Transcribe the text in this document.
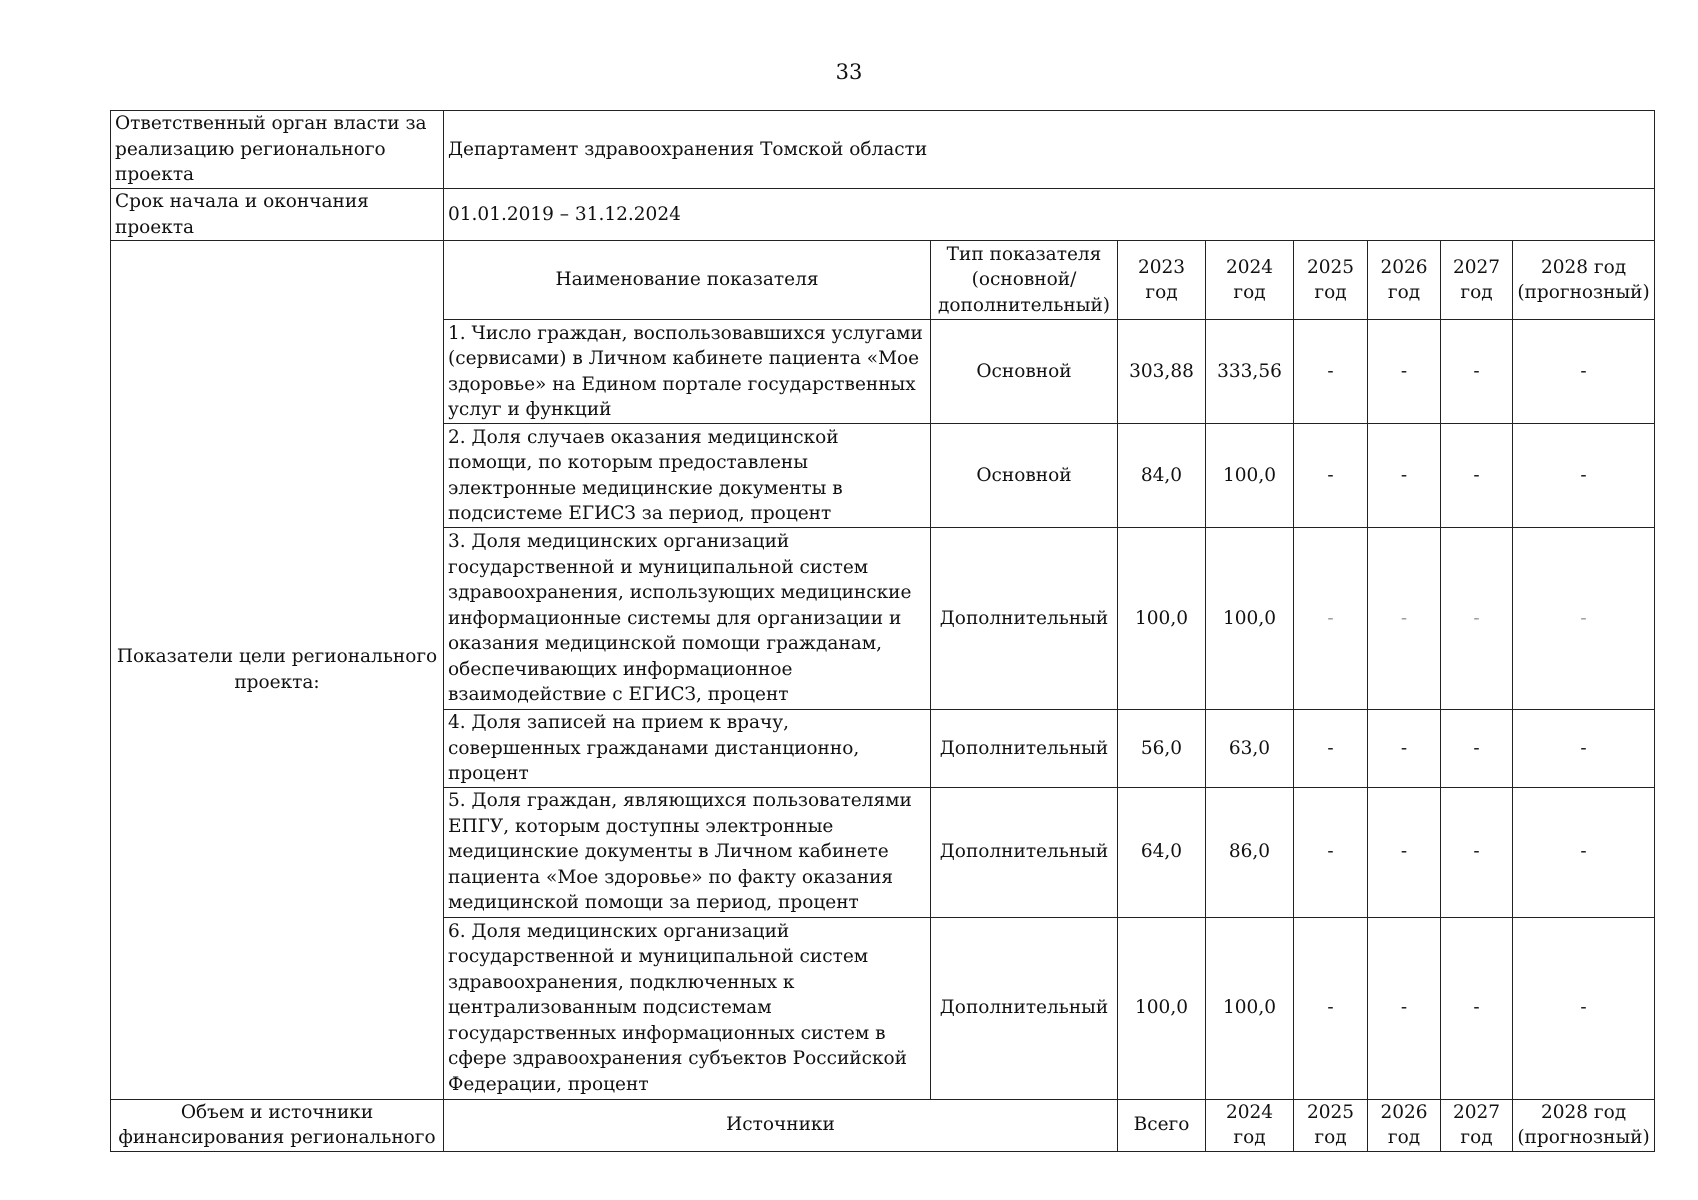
33
Ответственный орган власти за реализацию регионального проекта	Департамент здравоохранения Томской области							
Срок начала и окончания проекта	01.01.2019 – 31.12.2024							
Показатели цели регионального проекта:	Наименование показателя	Тип показателя (основной/ дополнительный)	2023 год	2024 год	2025 год	2026 год	2027 год	2028 год (прогнозный)
	1. Число граждан, воспользовавшихся услугами (сервисами) в Личном кабинете пациента «Мое здоровье» на Едином портале государственных услуг и функций	Основной	303,88	333,56	-	-	-	-
	2. Доля случаев оказания медицинской помощи, по которым предоставлены электронные медицинские документы в подсистеме ЕГИСЗ за период, процент	Основной	84,0	100,0	-	-	-	-
	3. Доля медицинских организаций государственной и муниципальной систем здравоохранения, использующих медицинские информационные системы для организации и оказания медицинской помощи гражданам, обеспечивающих информационное взаимодействие с ЕГИСЗ, процент	Дополнительный	100,0	100,0	-	-	-	-
	4. Доля записей на прием к врачу, совершенных гражданами дистанционно, процент	Дополнительный	56,0	63,0	-	-	-	-
	5. Доля граждан, являющихся пользователями ЕПГУ, которым доступны электронные медицинские документы в Личном кабинете пациента «Мое здоровье» по факту оказания медицинской помощи за период, процент	Дополнительный	64,0	86,0	-	-	-	-
	6. Доля медицинских организаций государственной и муниципальной систем здравоохранения, подключенных к централизованным подсистемам государственных информационных систем в сфере здравоохранения субъектов Российской Федерации, процент	Дополнительный	100,0	100,0	-	-	-	-
Объем и источники финансирования регионального	Источники		Всего	2024 год	2025 год	2026 год	2027 год	2028 год (прогнозный)
